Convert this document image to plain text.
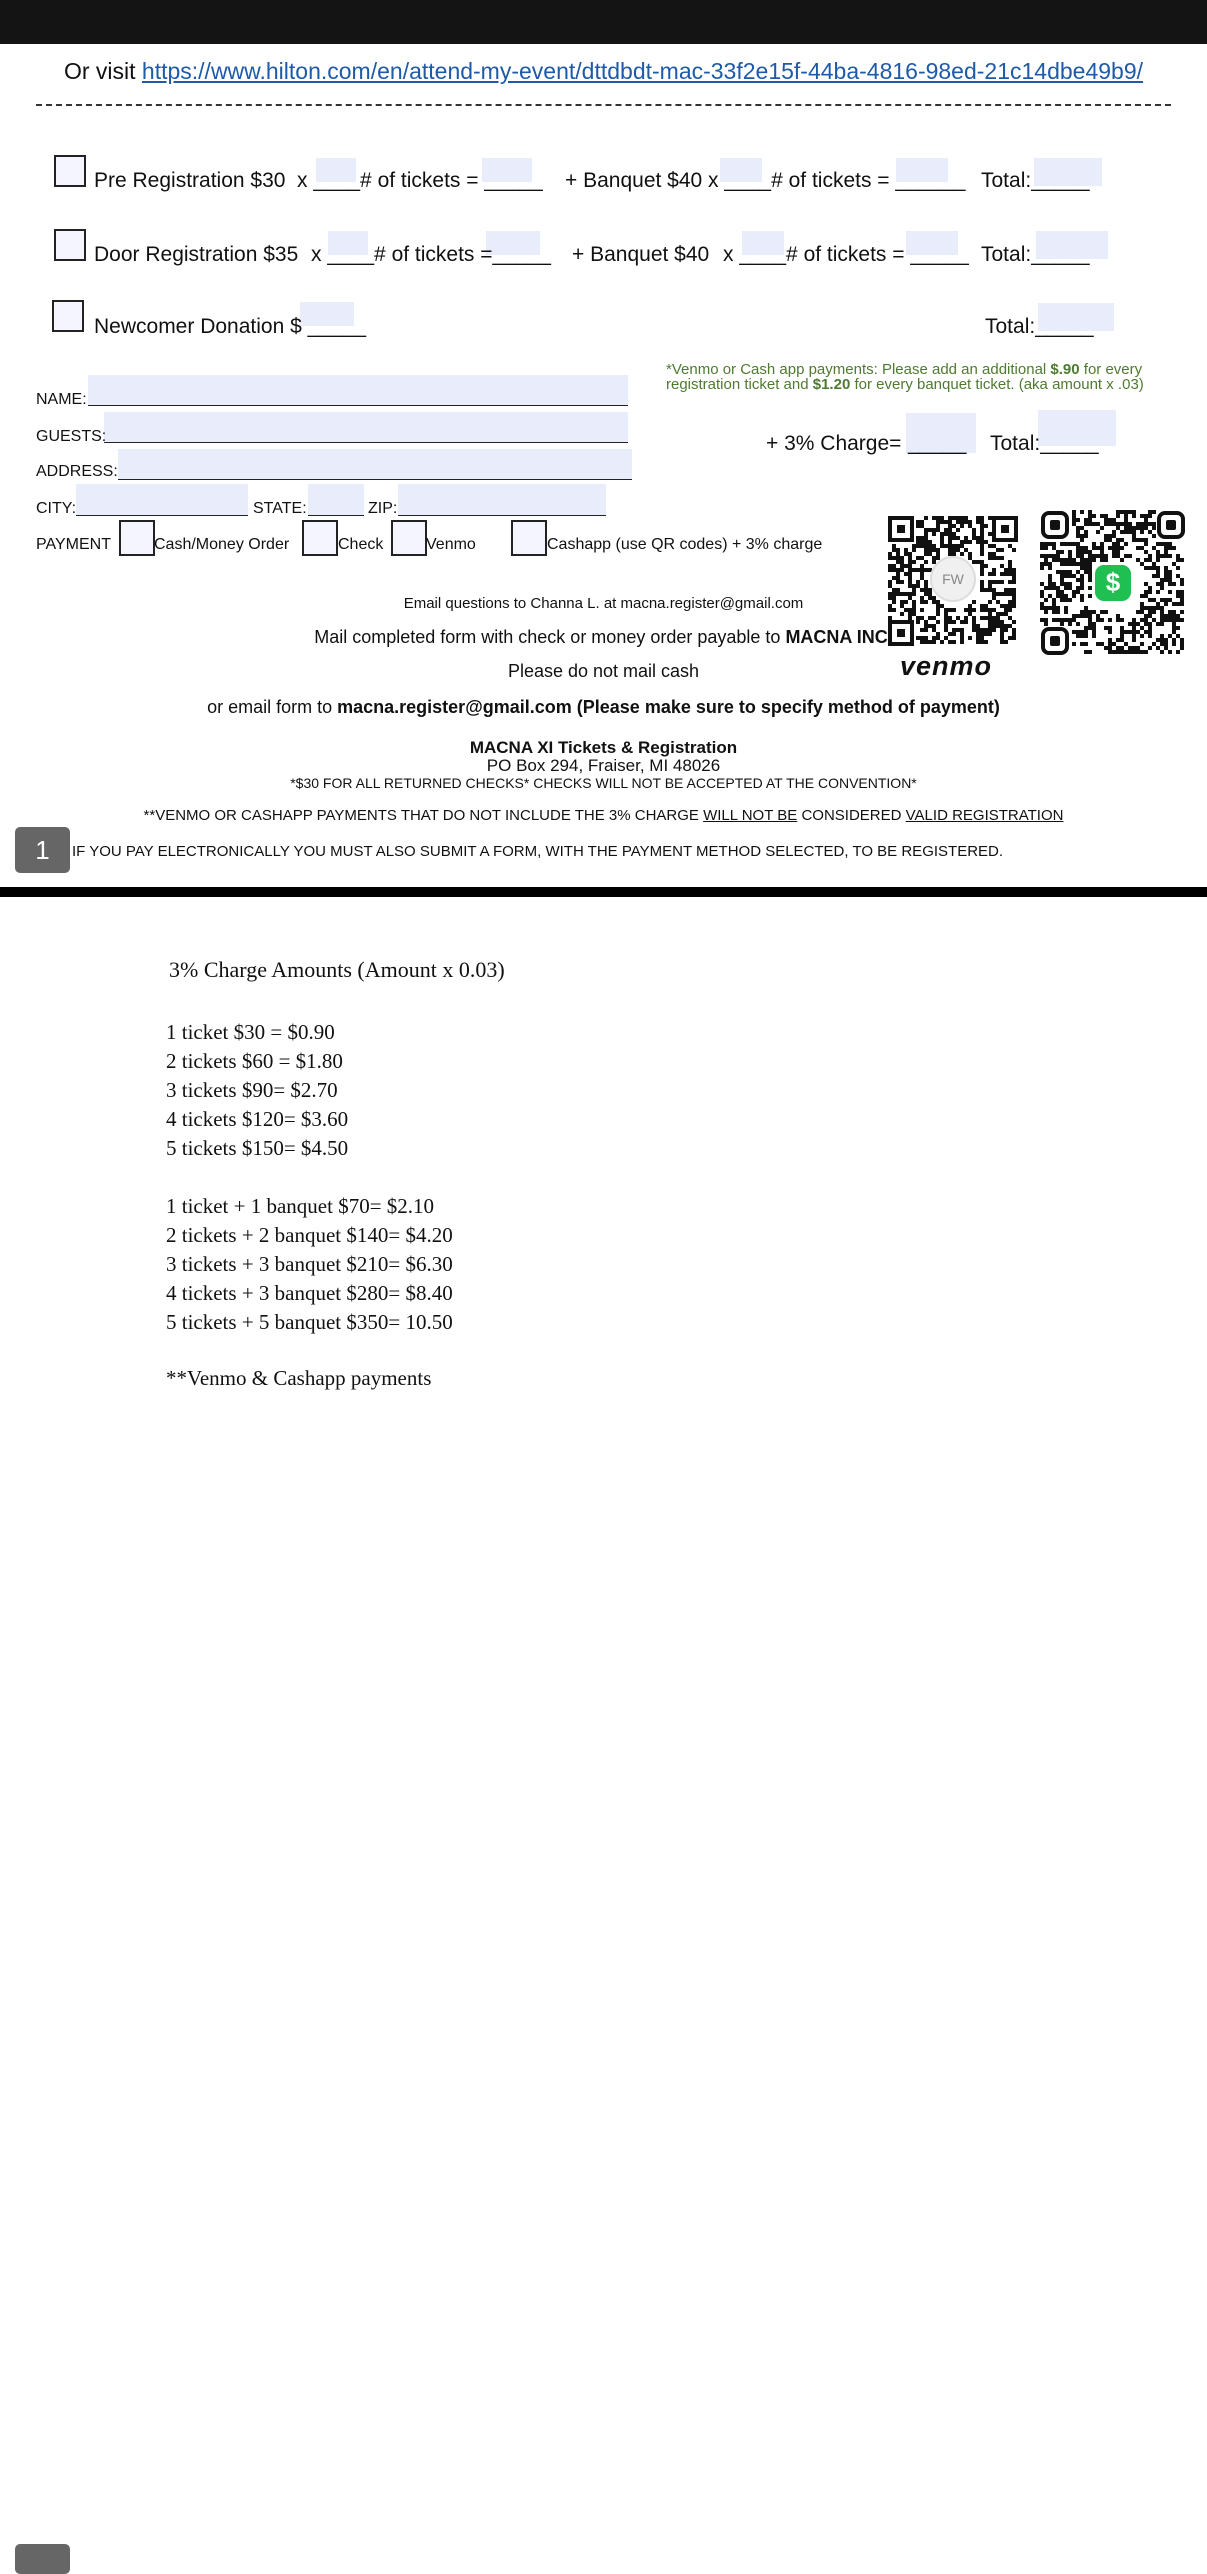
Or visit https://www.hilton.com/en/attend-my-event/dttdbdt-mac-33f2e15f-44ba-4816-98ed-21c14dbe49b9/
Pre Registration $30 x ____# of tickets = _____ + Banquet $40 x ____# of tickets = ______ Total:_____
Door Registration $35 x ____# of tickets =_____ + Banquet $40 x ____# of tickets = _____ Total:_____
Newcomer Donation $ _____	Total:_____
*Venmo or Cash app payments: Please add an additional $.90 for every
registration ticket and $1.20 for every banquet ticket. (aka amount x .03)
NAME:
GUESTS:
ADDRESS:
CITY:	STATE:	ZIP:
+ 3% Charge= _____ Total:_____
PAYMENT	Cash/Money Order	Check	Venmo	Cashapp (use QR codes) + 3% charge
FW
venmo
$
Email questions to Channa L. at macna.register@gmail.com
Mail completed form with check or money order payable to MACNA INC.
Please do not mail cash
or email form to macna.register@gmail.com (Please make sure to specify method of payment)
MACNA XI Tickets & Registration
PO Box 294, Fraiser, MI 48026
*$30 FOR ALL RETURNED CHECKS* CHECKS WILL NOT BE ACCEPTED AT THE CONVENTION*
**VENMO OR CASHAPP PAYMENTS THAT DO NOT INCLUDE THE 3% CHARGE WILL NOT BE CONSIDERED VALID REGISTRATION
IF YOU PAY ELECTRONICALLY YOU MUST ALSO SUBMIT A FORM, WITH THE PAYMENT METHOD SELECTED, TO BE REGISTERED.
1
3% Charge Amounts (Amount x 0.03)
1 ticket $30 = $0.90
2 tickets $60 = $1.80
3 tickets $90= $2.70
4 tickets $120= $3.60
5 tickets $150= $4.50
1 ticket + 1 banquet $70= $2.10
2 tickets + 2 banquet $140= $4.20
3 tickets + 3 banquet $210= $6.30
4 tickets + 3 banquet $280= $8.40
5 tickets + 5 banquet $350= 10.50
**Venmo & Cashapp payments
